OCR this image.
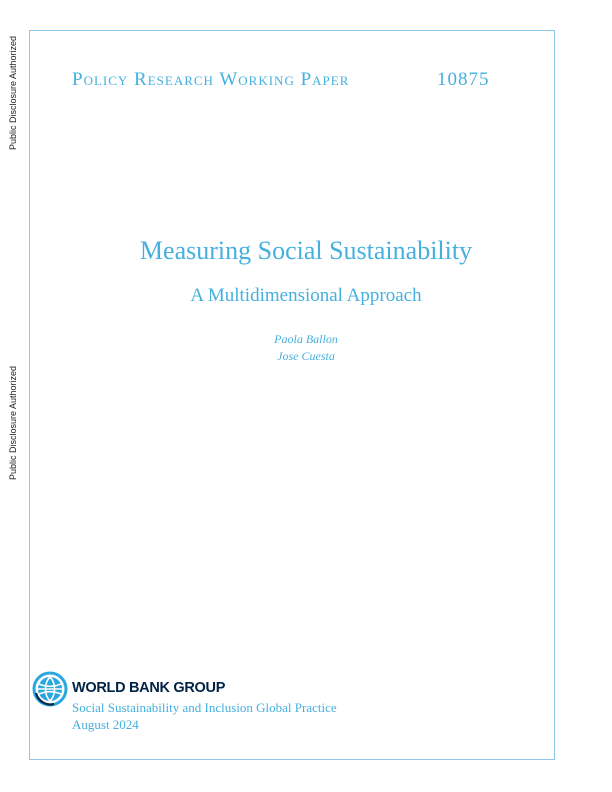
Public Disclosure Authorized
Public Disclosure Authorized
Policy Research Working Paper	10875
Measuring Social Sustainability
A Multidimensional Approach
Paola Ballon
Jose Cuesta
WORLD BANK GROUP
Social Sustainability and Inclusion Global Practice
August 2024
